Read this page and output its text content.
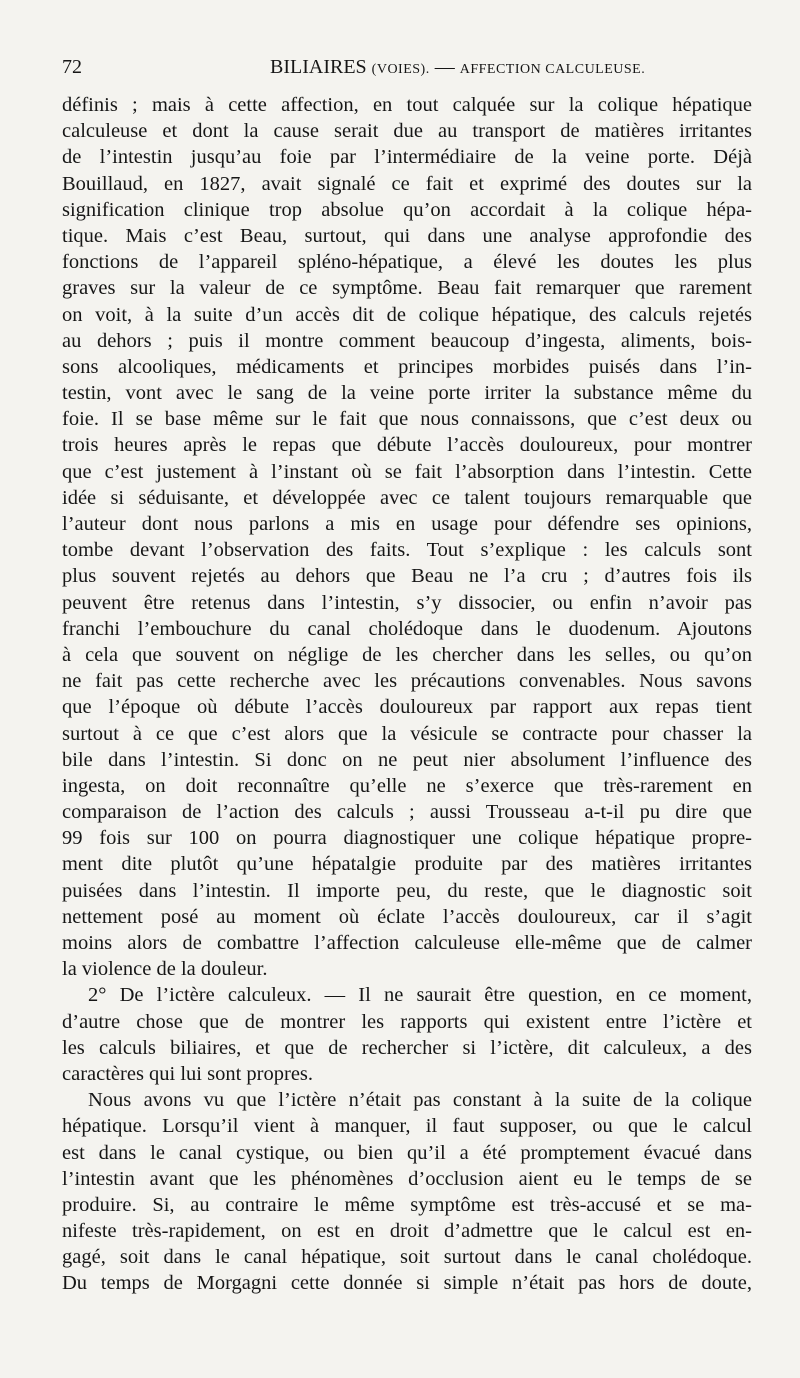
72	BILIAIRES (VOIES). — AFFECTION CALCULEUSE.
définis ; mais à cette affection, en tout calquée sur la colique hépatique
calculeuse et dont la cause serait due au transport de matières irritantes
de l’intestin jusqu’au foie par l’intermédiaire de la veine porte. Déjà
Bouillaud, en 1827, avait signalé ce fait et exprimé des doutes sur la
signification clinique trop absolue qu’on accordait à la colique hépa-
tique. Mais c’est Beau, surtout, qui dans une analyse approfondie des
fonctions de l’appareil spléno-hépatique, a élevé les doutes les plus
graves sur la valeur de ce symptôme. Beau fait remarquer que rarement
on voit, à la suite d’un accès dit de colique hépatique, des calculs rejetés
au dehors ; puis il montre comment beaucoup d’ingesta, aliments, bois-
sons alcooliques, médicaments et principes morbides puisés dans l’in-
testin, vont avec le sang de la veine porte irriter la substance même du
foie. Il se base même sur le fait que nous connaissons, que c’est deux ou
trois heures après le repas que débute l’accès douloureux, pour montrer
que c’est justement à l’instant où se fait l’absorption dans l’intestin. Cette
idée si séduisante, et développée avec ce talent toujours remarquable que
l’auteur dont nous parlons a mis en usage pour défendre ses opinions,
tombe devant l’observation des faits. Tout s’explique : les calculs sont
plus souvent rejetés au dehors que Beau ne l’a cru ; d’autres fois ils
peuvent être retenus dans l’intestin, s’y dissocier, ou enfin n’avoir pas
franchi l’embouchure du canal cholédoque dans le duodenum. Ajoutons
à cela que souvent on néglige de les chercher dans les selles, ou qu’on
ne fait pas cette recherche avec les précautions convenables. Nous savons
que l’époque où débute l’accès douloureux par rapport aux repas tient
surtout à ce que c’est alors que la vésicule se contracte pour chasser la
bile dans l’intestin. Si donc on ne peut nier absolument l’influence des
ingesta, on doit reconnaître qu’elle ne s’exerce que très-rarement en
comparaison de l’action des calculs ; aussi Trousseau a-t-il pu dire que
99 fois sur 100 on pourra diagnostiquer une colique hépatique propre-
ment dite plutôt qu’une hépatalgie produite par des matières irritantes
puisées dans l’intestin. Il importe peu, du reste, que le diagnostic soit
nettement posé au moment où éclate l’accès douloureux, car il s’agit
moins alors de combattre l’affection calculeuse elle-même que de calmer
la violence de la douleur.
2° De l’ictère calculeux. — Il ne saurait être question, en ce moment,
d’autre chose que de montrer les rapports qui existent entre l’ictère et
les calculs biliaires, et que de rechercher si l’ictère, dit calculeux, a des
caractères qui lui sont propres.
Nous avons vu que l’ictère n’était pas constant à la suite de la colique
hépatique. Lorsqu’il vient à manquer, il faut supposer, ou que le calcul
est dans le canal cystique, ou bien qu’il a été promptement évacué dans
l’intestin avant que les phénomènes d’occlusion aient eu le temps de se
produire. Si, au contraire le même symptôme est très-accusé et se ma-
nifeste très-rapidement, on est en droit d’admettre que le calcul est en-
gagé, soit dans le canal hépatique, soit surtout dans le canal cholédoque.
Du temps de Morgagni cette donnée si simple n’était pas hors de doute,
